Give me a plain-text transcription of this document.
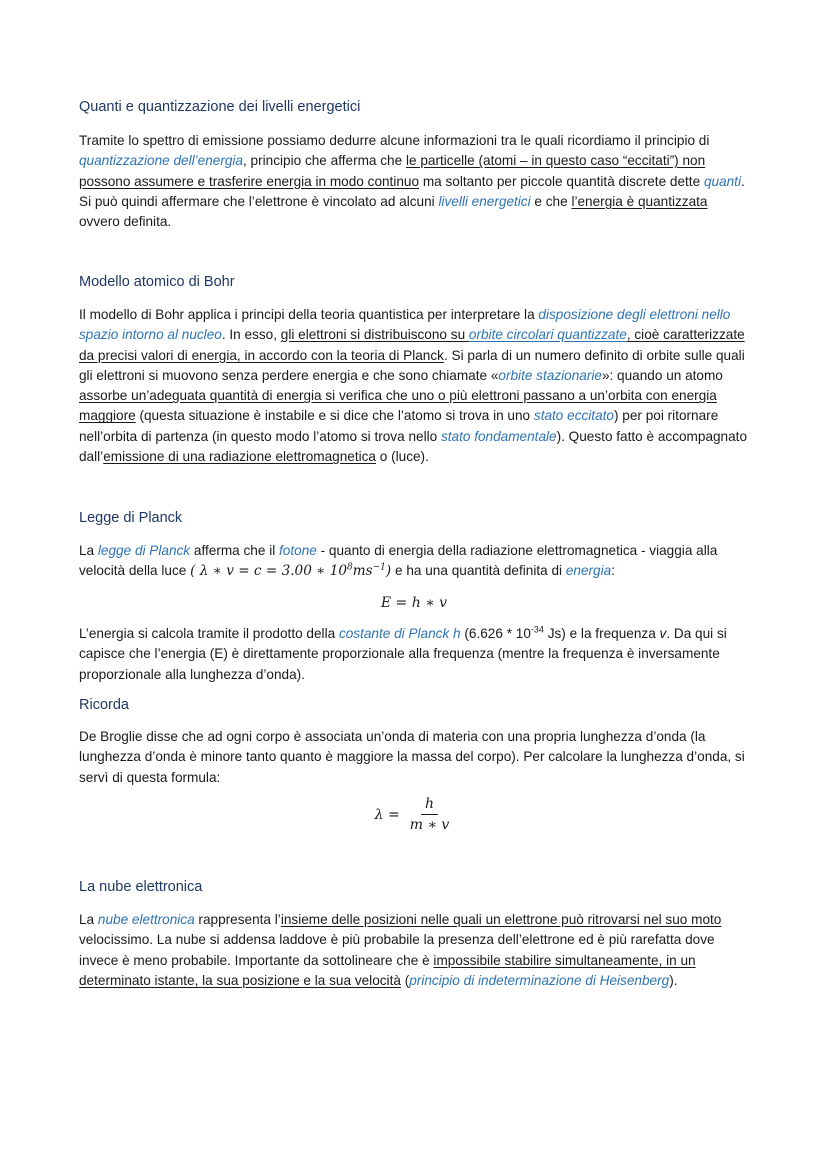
Quanti e quantizzazione dei livelli energetici

Tramite lo spettro di emissione possiamo dedurre alcune informazioni tra le quali ricordiamo il principio di quantizzazione dell’energia, principio che afferma che le particelle (atomi – in questo caso “eccitati”) non possono assumere e trasferire energia in modo continuo ma soltanto per piccole quantità discrete dette quanti. Si può quindi affermare che l’elettrone è vincolato ad alcuni livelli energetici e che l’energia è quantizzata ovvero definita.

Modello atomico di Bohr

Il modello di Bohr applica i principi della teoria quantistica per interpretare la disposizione degli elettroni nello spazio intorno al nucleo. In esso, gli elettroni si distribuiscono su orbite circolari quantizzate, cioè caratterizzate da precisi valori di energia, in accordo con la teoria di Planck. Si parla di un numero definito di orbite sulle quali gli elettroni si muovono senza perdere energia e che sono chiamate «orbite stazionarie»: quando un atomo assorbe un’adeguata quantità di energia si verifica che uno o più elettroni passano a un’orbita con energia maggiore (questa situazione è instabile e si dice che l’atomo si trova in uno stato eccitato) per poi ritornare nell’orbita di partenza (in questo modo l’atomo si trova nello stato fondamentale). Questo fatto è accompagnato dall’emissione di una radiazione elettromagnetica o (luce).

Legge di Planck

La legge di Planck afferma che il fotone - quanto di energia della radiazione elettromagnetica - viaggia alla velocità della luce ( λ ∗ v = c = 3.00 ∗ $10^8ms^{-1}$) e ha una quantità definita di energia:

E = h ∗ v

L’energia si calcola tramite il prodotto della costante di Planck h ($6.626 * 10^{-34}$ Js) e la frequenza v. Da qui si capisce che l’energia (E) è direttamente proporzionale alla frequenza (mentre la frequenza è inversamente proporzionale alla lunghezza d’onda).

Ricorda

De Broglie disse che ad ogni corpo è associata un’onda di materia con una propria lunghezza d’onda (la lunghezza d’onda è minore tanto quanto è maggiore la massa del corpo). Per calcolare la lunghezza d’onda, si servì di questa formula:

$\lambda = \frac{h}{m ∗ v}$
La nube elettronica

La nube elettronica rappresenta l’insieme delle posizioni nelle quali un elettrone può ritrovarsi nel suo moto velocissimo. La nube si addensa laddove è più probabile la presenza dell’elettrone ed è più rarefatta dove invece è meno probabile. Importante da sottolineare che è impossibile stabilire simultaneamente, in un determinato istante, la sua posizione e la sua velocità (principio di indeterminazione di Heisenberg).
